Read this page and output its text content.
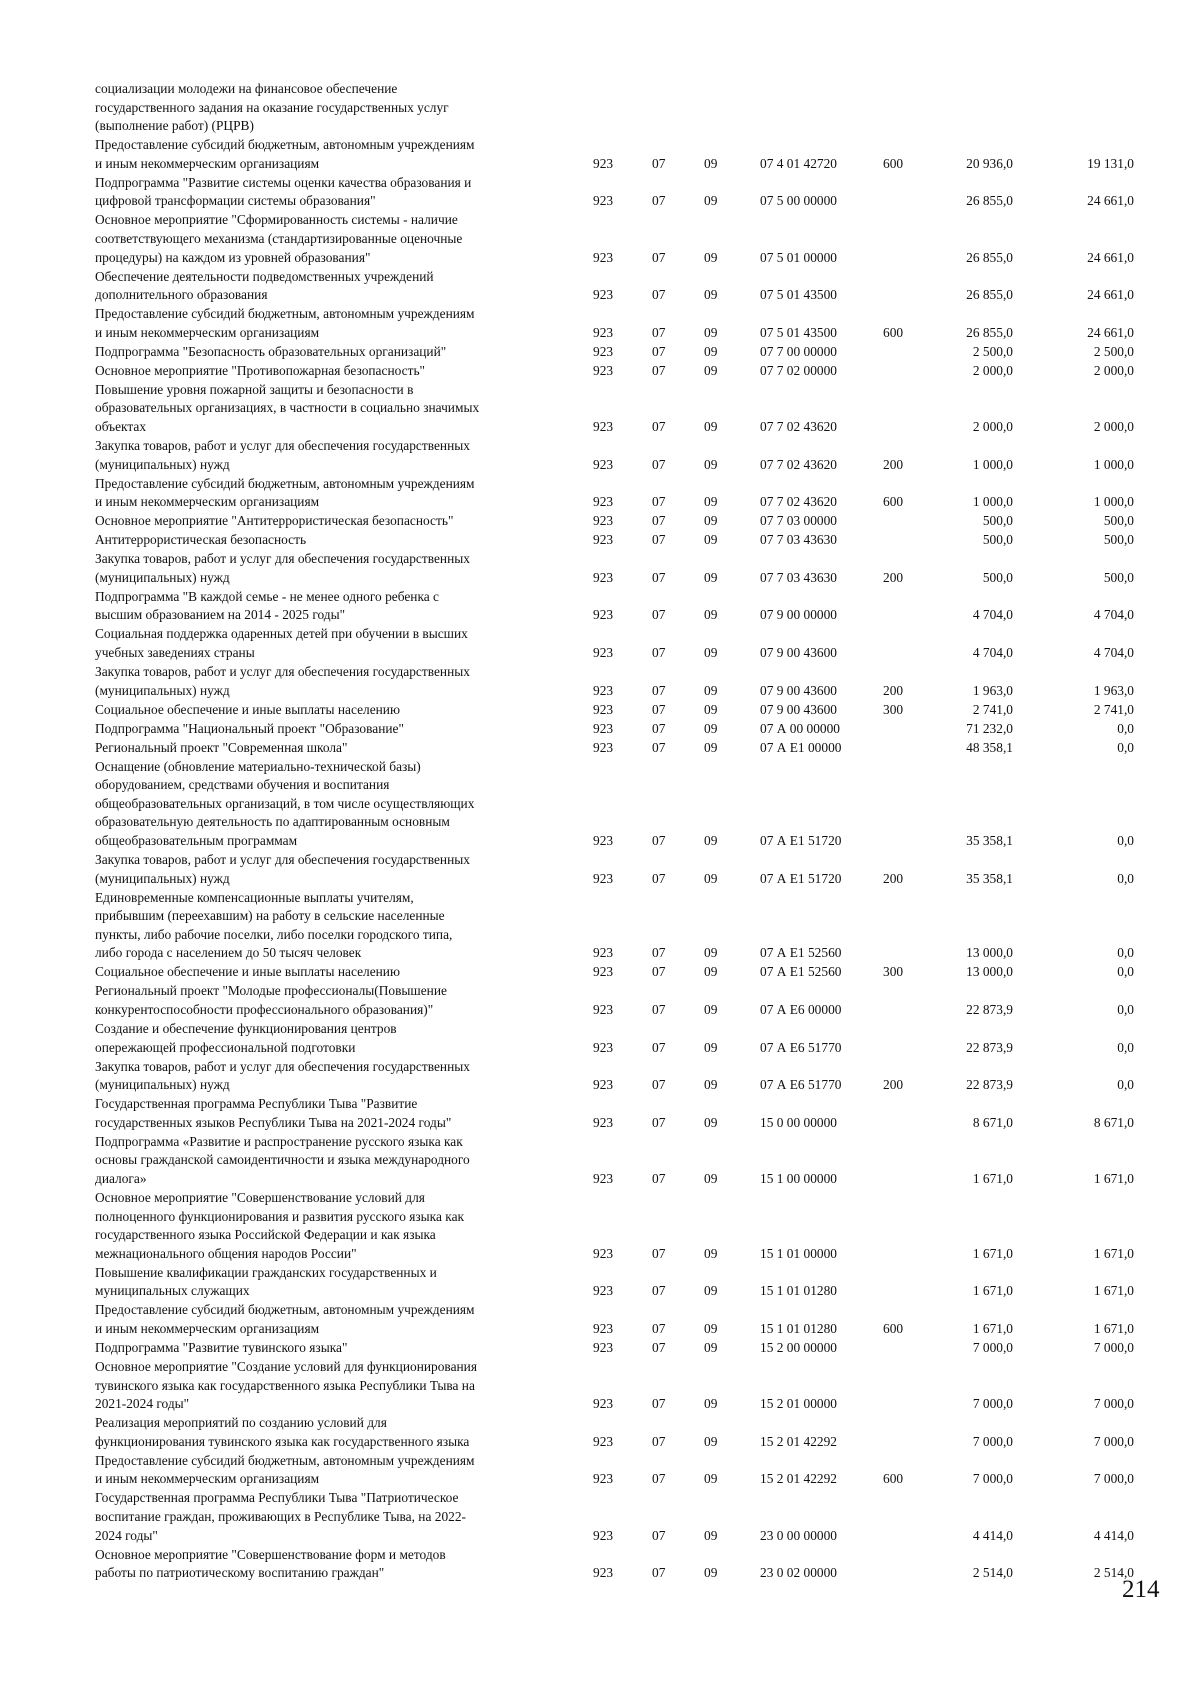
социализации молодежи на финансовое обеспечение
государственного задания на оказание государственных услуг
(выполнение работ) (РЦРВ)
Предоставление субсидий бюджетным, автономным учреждениям
и иным некоммерческим организациям	923	07	09	07 4 01 42720	600	20 936,0	19 131,0
Подпрограмма "Развитие системы оценки качества образования и
цифровой трансформации системы образования"	923	07	09	07 5 00 00000	26 855,0	24 661,0
Основное мероприятие "Сформированность системы - наличие
соответствующего механизма (стандартизированные оценочные
процедуры) на каждом из уровней образования"	923	07	09	07 5 01 00000	26 855,0	24 661,0
Обеспечение деятельности подведомственных учреждений
дополнительного образования	923	07	09	07 5 01 43500	26 855,0	24 661,0
Предоставление субсидий бюджетным, автономным учреждениям
и иным некоммерческим организациям	923	07	09	07 5 01 43500	600	26 855,0	24 661,0
Подпрограмма "Безопасность образовательных организаций"	923	07	09	07 7 00 00000	2 500,0	2 500,0
Основное мероприятие "Противопожарная безопасность"	923	07	09	07 7 02 00000	2 000,0	2 000,0
Повышение уровня пожарной защиты и безопасности в
образовательных организациях, в частности в социально значимых
объектах	923	07	09	07 7 02 43620	2 000,0	2 000,0
Закупка товаров, работ и услуг для обеспечения государственных
(муниципальных) нужд	923	07	09	07 7 02 43620	200	1 000,0	1 000,0
Предоставление субсидий бюджетным, автономным учреждениям
и иным некоммерческим организациям	923	07	09	07 7 02 43620	600	1 000,0	1 000,0
Основное мероприятие "Антитеррористическая безопасность"	923	07	09	07 7 03 00000	500,0	500,0
Антитеррористическая безопасность	923	07	09	07 7 03 43630	500,0	500,0
Закупка товаров, работ и услуг для обеспечения государственных
(муниципальных) нужд	923	07	09	07 7 03 43630	200	500,0	500,0
Подпрограмма "В каждой семье - не менее одного ребенка с
высшим образованием на 2014 - 2025 годы"	923	07	09	07 9 00 00000	4 704,0	4 704,0
Социальная поддержка одаренных детей при обучении в высших
учебных заведениях страны	923	07	09	07 9 00 43600	4 704,0	4 704,0
Закупка товаров, работ и услуг для обеспечения государственных
(муниципальных) нужд	923	07	09	07 9 00 43600	200	1 963,0	1 963,0
Социальное обеспечение и иные выплаты населению	923	07	09	07 9 00 43600	300	2 741,0	2 741,0
Подпрограмма "Национальный проект "Образование"	923	07	09	07 А 00 00000	71 232,0	0,0
Региональный проект "Современная школа"	923	07	09	07 А Е1 00000	48 358,1	0,0
Оснащение (обновление материально-технической базы)
оборудованием, средствами обучения и воспитания
общеобразовательных организаций, в том числе осуществляющих
образовательную деятельность по адаптированным основным
общеобразовательным программам	923	07	09	07 А Е1 51720	35 358,1	0,0
Закупка товаров, работ и услуг для обеспечения государственных
(муниципальных) нужд	923	07	09	07 А Е1 51720	200	35 358,1	0,0
Единовременные компенсационные выплаты учителям,
прибывшим (переехавшим) на работу в сельские населенные
пункты, либо рабочие поселки, либо поселки городского типа,
либо города с населением до 50 тысяч человек	923	07	09	07 А Е1 52560	13 000,0	0,0
Социальное обеспечение и иные выплаты населению	923	07	09	07 А Е1 52560	300	13 000,0	0,0
Региональный проект "Молодые профессионалы(Повышение
конкурентоспособности профессионального образования)"	923	07	09	07 А Е6 00000	22 873,9	0,0
Создание и обеспечение функционирования центров
опережающей профессиональной подготовки	923	07	09	07 А Е6 51770	22 873,9	0,0
Закупка товаров, работ и услуг для обеспечения государственных
(муниципальных) нужд	923	07	09	07 А Е6 51770	200	22 873,9	0,0
Государственная программа Республики Тыва "Развитие
государственных языков Республики Тыва на 2021-2024 годы"	923	07	09	15 0 00 00000	8 671,0	8 671,0
Подпрограмма «Развитие и распространение русского языка как
основы гражданской самоидентичности и языка международного
диалога»	923	07	09	15 1 00 00000	1 671,0	1 671,0
Основное мероприятие "Совершенствование условий для
полноценного функционирования и развития русского языка как
государственного языка Российской Федерации и как языка
межнационального общения народов России"	923	07	09	15 1 01 00000	1 671,0	1 671,0
Повышение квалификации гражданских государственных и
муниципальных служащих	923	07	09	15 1 01 01280	1 671,0	1 671,0
Предоставление субсидий бюджетным, автономным учреждениям
и иным некоммерческим организациям	923	07	09	15 1 01 01280	600	1 671,0	1 671,0
Подпрограмма "Развитие тувинского языка"	923	07	09	15 2 00 00000	7 000,0	7 000,0
Основное мероприятие "Создание условий для функционирования
тувинского языка как государственного языка Республики Тыва на
2021-2024 годы"	923	07	09	15 2 01 00000	7 000,0	7 000,0
Реализация мероприятий по созданию условий для
функционирования тувинского языка как государственного языка	923	07	09	15 2 01 42292	7 000,0	7 000,0
Предоставление субсидий бюджетным, автономным учреждениям
и иным некоммерческим организациям	923	07	09	15 2 01 42292	600	7 000,0	7 000,0
Государственная программа Республики Тыва "Патриотическое
воспитание граждан, проживающих в Республике Тыва, на 2022-
2024 годы"	923	07	09	23 0 00 00000	4 414,0	4 414,0
Основное мероприятие "Совершенствование форм и методов
работы по патриотическому воспитанию граждан"	923	07	09	23 0 02 00000	2 514,0	2 514,0
214
